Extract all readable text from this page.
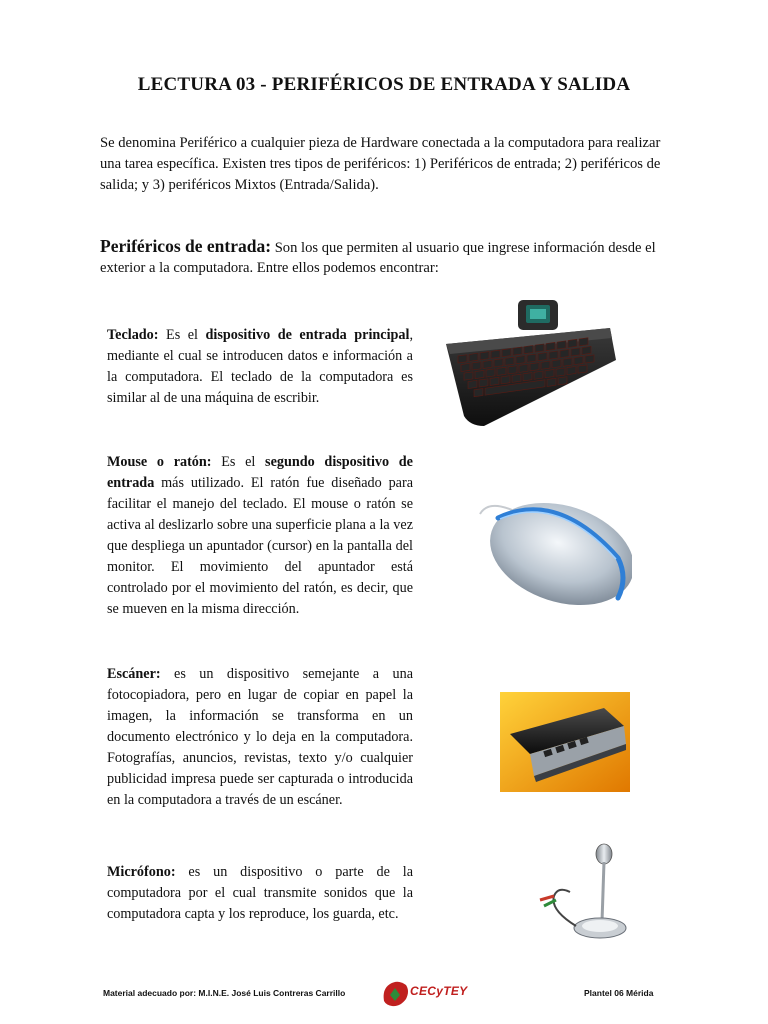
LECTURA 03 - PERIFÉRICOS DE ENTRADA Y SALIDA
Se denomina Periférico a cualquier pieza de Hardware conectada a la computadora para realizar una tarea específica. Existen tres tipos de periféricos: 1) Periféricos de entrada; 2) periféricos de salida; y 3) periféricos Mixtos (Entrada/Salida).
Periféricos de entrada: Son los que permiten al usuario que ingrese información desde el exterior a la computadora. Entre ellos podemos encontrar:
Teclado: Es el dispositivo de entrada principal, mediante el cual se introducen datos e información a la computadora. El teclado de la computadora es similar al de una máquina de escribir.
Mouse o ratón: Es el segundo dispositivo de entrada más utilizado. El ratón fue diseñado para facilitar el manejo del teclado. El mouse o ratón se activa al deslizarlo sobre una superficie plana a la vez que despliega un apuntador (cursor) en la pantalla del monitor. El movimiento del apuntador está controlado por el movimiento del ratón, es decir, que se mueven en la misma dirección.
Escáner: es un dispositivo semejante a una fotocopiadora, pero en lugar de copiar en papel la imagen, la información se transforma en un documento electrónico y lo deja en la computadora. Fotografías, anuncios, revistas, texto y/o cualquier publicidad impresa puede ser capturada o introducida en la computadora a través de un escáner.
Micrófono: es un dispositivo o parte de la computadora por el cual transmite sonidos que la computadora capta y los reproduce, los guarda, etc.
Material adecuado por: M.I.N.E. José Luis Contreras Carrillo	Plantel 06 Mérida
CECyTEY
